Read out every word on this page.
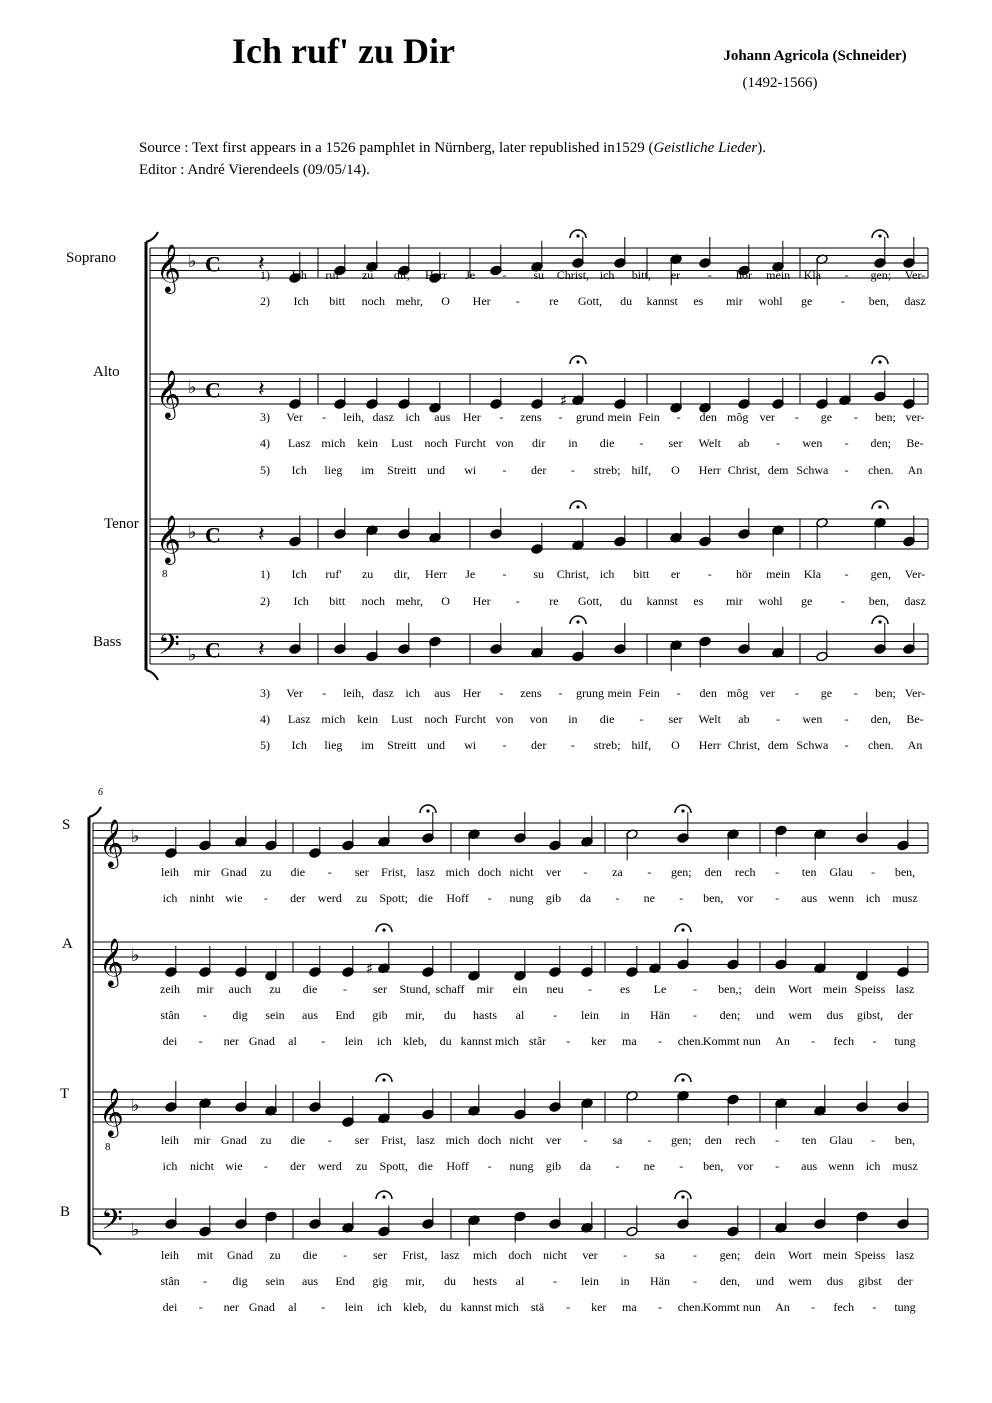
Ich ruf' zu Dir	Johann Agricola (Schneider)
(1492-1566)
Source : Text first appears in a 1526 pamphlet in Nürnberg, later republished in1529 (Geistliche Lieder).
Editor : André Vierendeels (09/05/14).
𝄞 ♭ C 𝄽
𝄞 ♭ C 𝄽
𝄞
8
♭ C 𝄽
𝄢 ♭ C 𝄽
𝄞 ♭
𝄞 ♭
𝄞
8
♭
𝄢 ♭
♯
♯
Soprano
Alto
Tenor
Bass
S
A
T
B
6
1) Ich ruf' zu dir, Herr Je - su Christ, ich bitt, er - hör mein Kla - gen; Ver-
2) Ich bitt noch mehr, O Her - re Gott, du kannst es mir wohl ge - ben, dasz
3) Ver - leih, dasz ich aus Her - zens - grund mein Fein - den môg ver - ge - ben; ver-
4) Lasz mich kein Lust noch Furcht von dir in die - ser Welt ab - wen - den; Be-
5) Ich lieg im Streitt und wi - der - streb; hilf, O Herr Christ, dem Schwa - chen. An
1) Ich ruf' zu dir, Herr Je - su Christ, ich bitt er - hör mein Kla - gen, Ver-
2) Ich bitt noch mehr, O Her - re Gott, du kannst es mir wohl ge - ben, dasz
3) Ver - leih, dasz ich aus Her - zens - grung mein Fein - den môg ver - ge - ben; Ver-
4) Lasz mich kein Lust noch Furcht von von in die - ser Welt ab - wen - den, Be-
5) Ich lieg im Streitt und wi - der - streb; hilf, O Herr Christ, dem Schwa - chen. An
leih mir Gnad zu die - ser Frist, lasz mich doch nicht ver - za - gen; den rech - ten Glau - ben,
ich ninht wie - der werd zu Spott; die Hoff - nung gib da - ne - ben, vor - aus wenn ich musz
zeih mir auch zu die - ser Stund, schaff mir ein neu - es Le - ben,; dein Wort mein Speiss lasz
stân - dig sein aus End gib mir, du hasts al - lein in Hän - den; und wem dus gibst, der
dei - ner Gnad al - lein ich kleb, du kannst mich stâr - ker ma - chen. Kommt nun An - fech - tung
leih mir Gnad zu die - ser Frist, lasz mich doch nicht ver - sa - gen; den rech - ten Glau - ben,
ich nicht wie - der werd zu Spott, die Hoff - nung gib da - ne - ben, vor - aus wenn ich musz
leih mit Gnad zu die - ser Frist, lasz mich doch nicht ver - sa - gen; dein Wort mein Speiss lasz
stân - dig sein aus End gig mir, du hests al - lein in Hän - den, und wem dus gibst der
dei - ner Gnad al - lein ich kleb, du kannst mich stä - ker ma - chen. Kommt nun An - fech - tung
